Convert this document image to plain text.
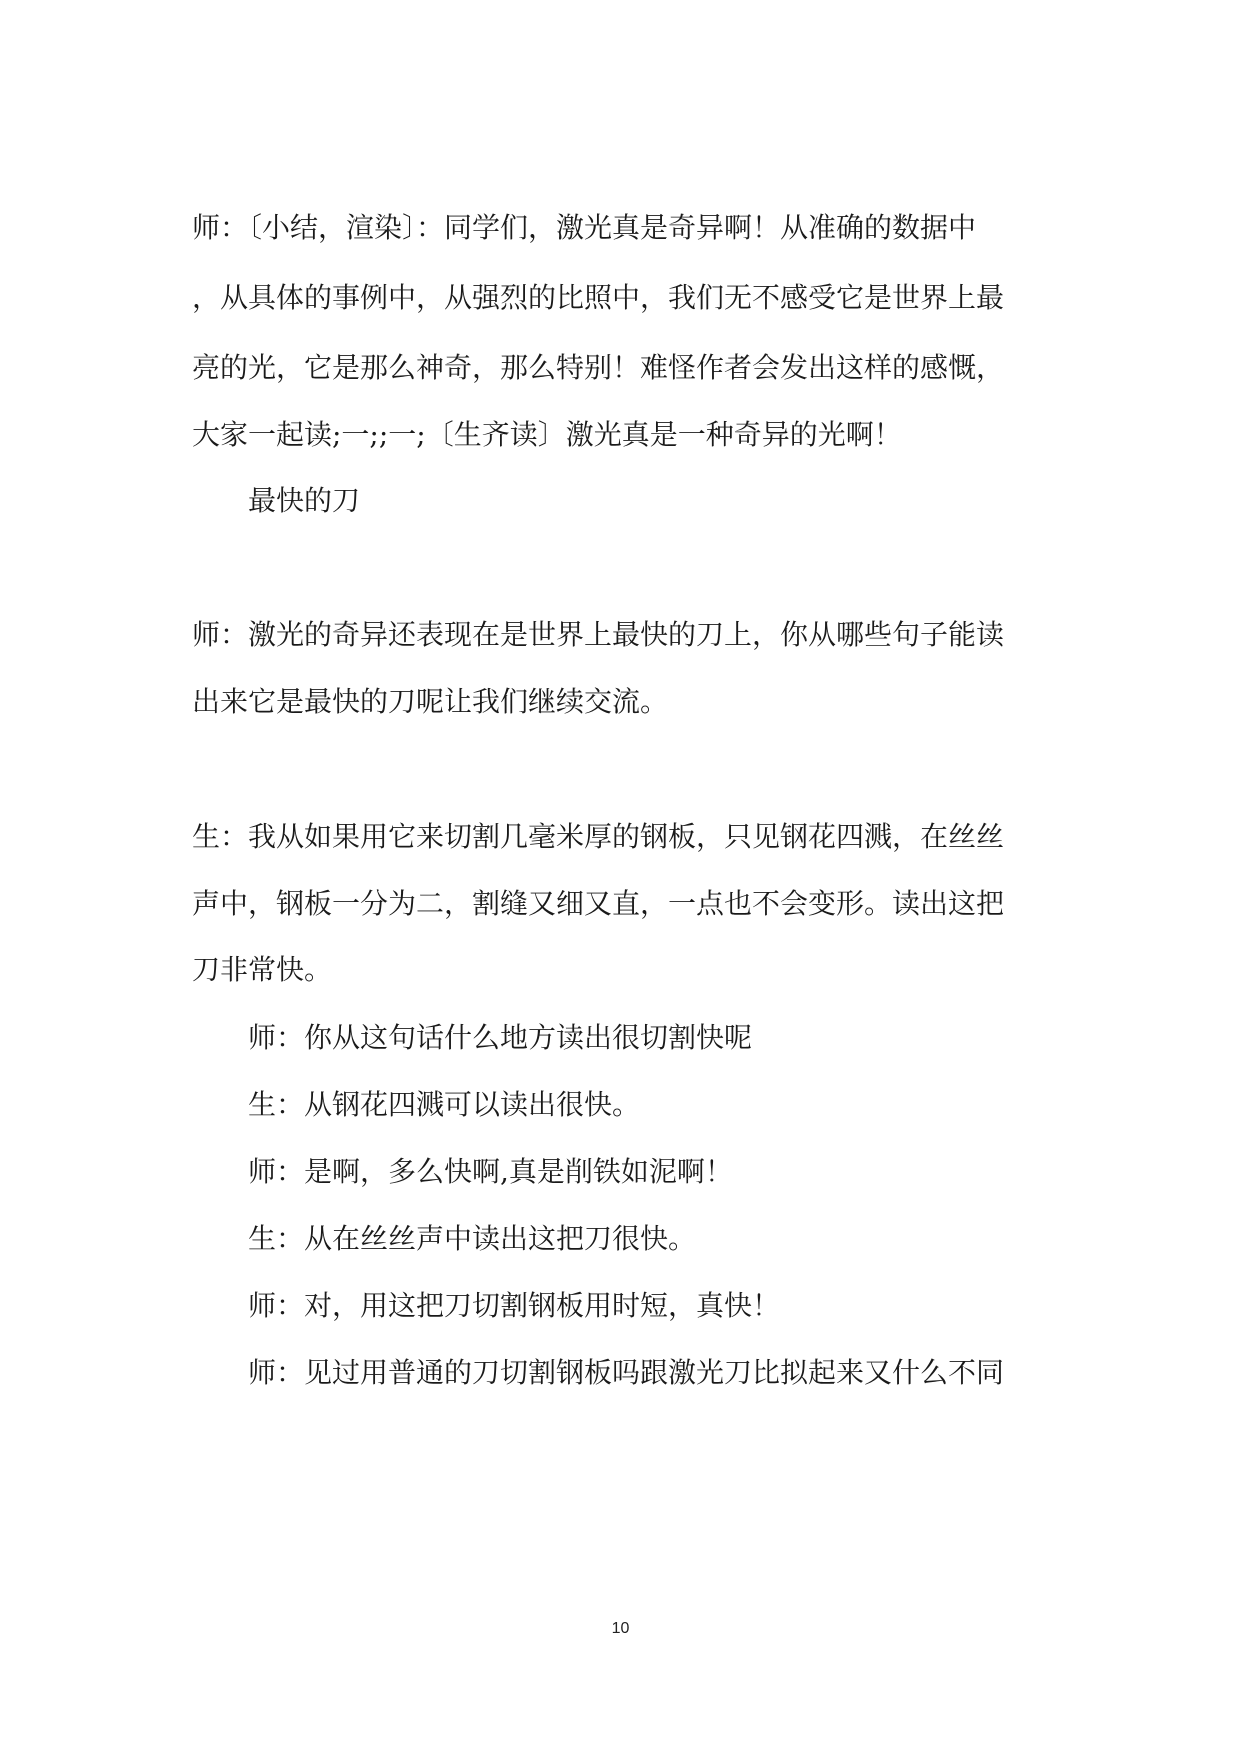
师：〔小结，渲染〕：同学们，激光真是奇异啊！从准确的数据中
，从具体的事例中，从强烈的比照中，我们无不感受它是世界上最
亮的光，它是那么神奇，那么特别！难怪作者会发出这样的感慨，
大家一起读;一;;一;〔生齐读〕激光真是一种奇异的光啊！
最快的刀
师：激光的奇异还表现在是世界上最快的刀上，你从哪些句子能读
出来它是最快的刀呢让我们继续交流。
生：我从如果用它来切割几毫米厚的钢板，只见钢花四溅，在丝丝
声中，钢板一分为二，割缝又细又直，一点也不会变形。读出这把
刀非常快。
师：你从这句话什么地方读出很切割快呢
生：从钢花四溅可以读出很快。
师：是啊，多么快啊,真是削铁如泥啊！
生：从在丝丝声中读出这把刀很快。
师：对，用这把刀切割钢板用时短，真快！
师：见过用普通的刀切割钢板吗跟激光刀比拟起来又什么不同
10
